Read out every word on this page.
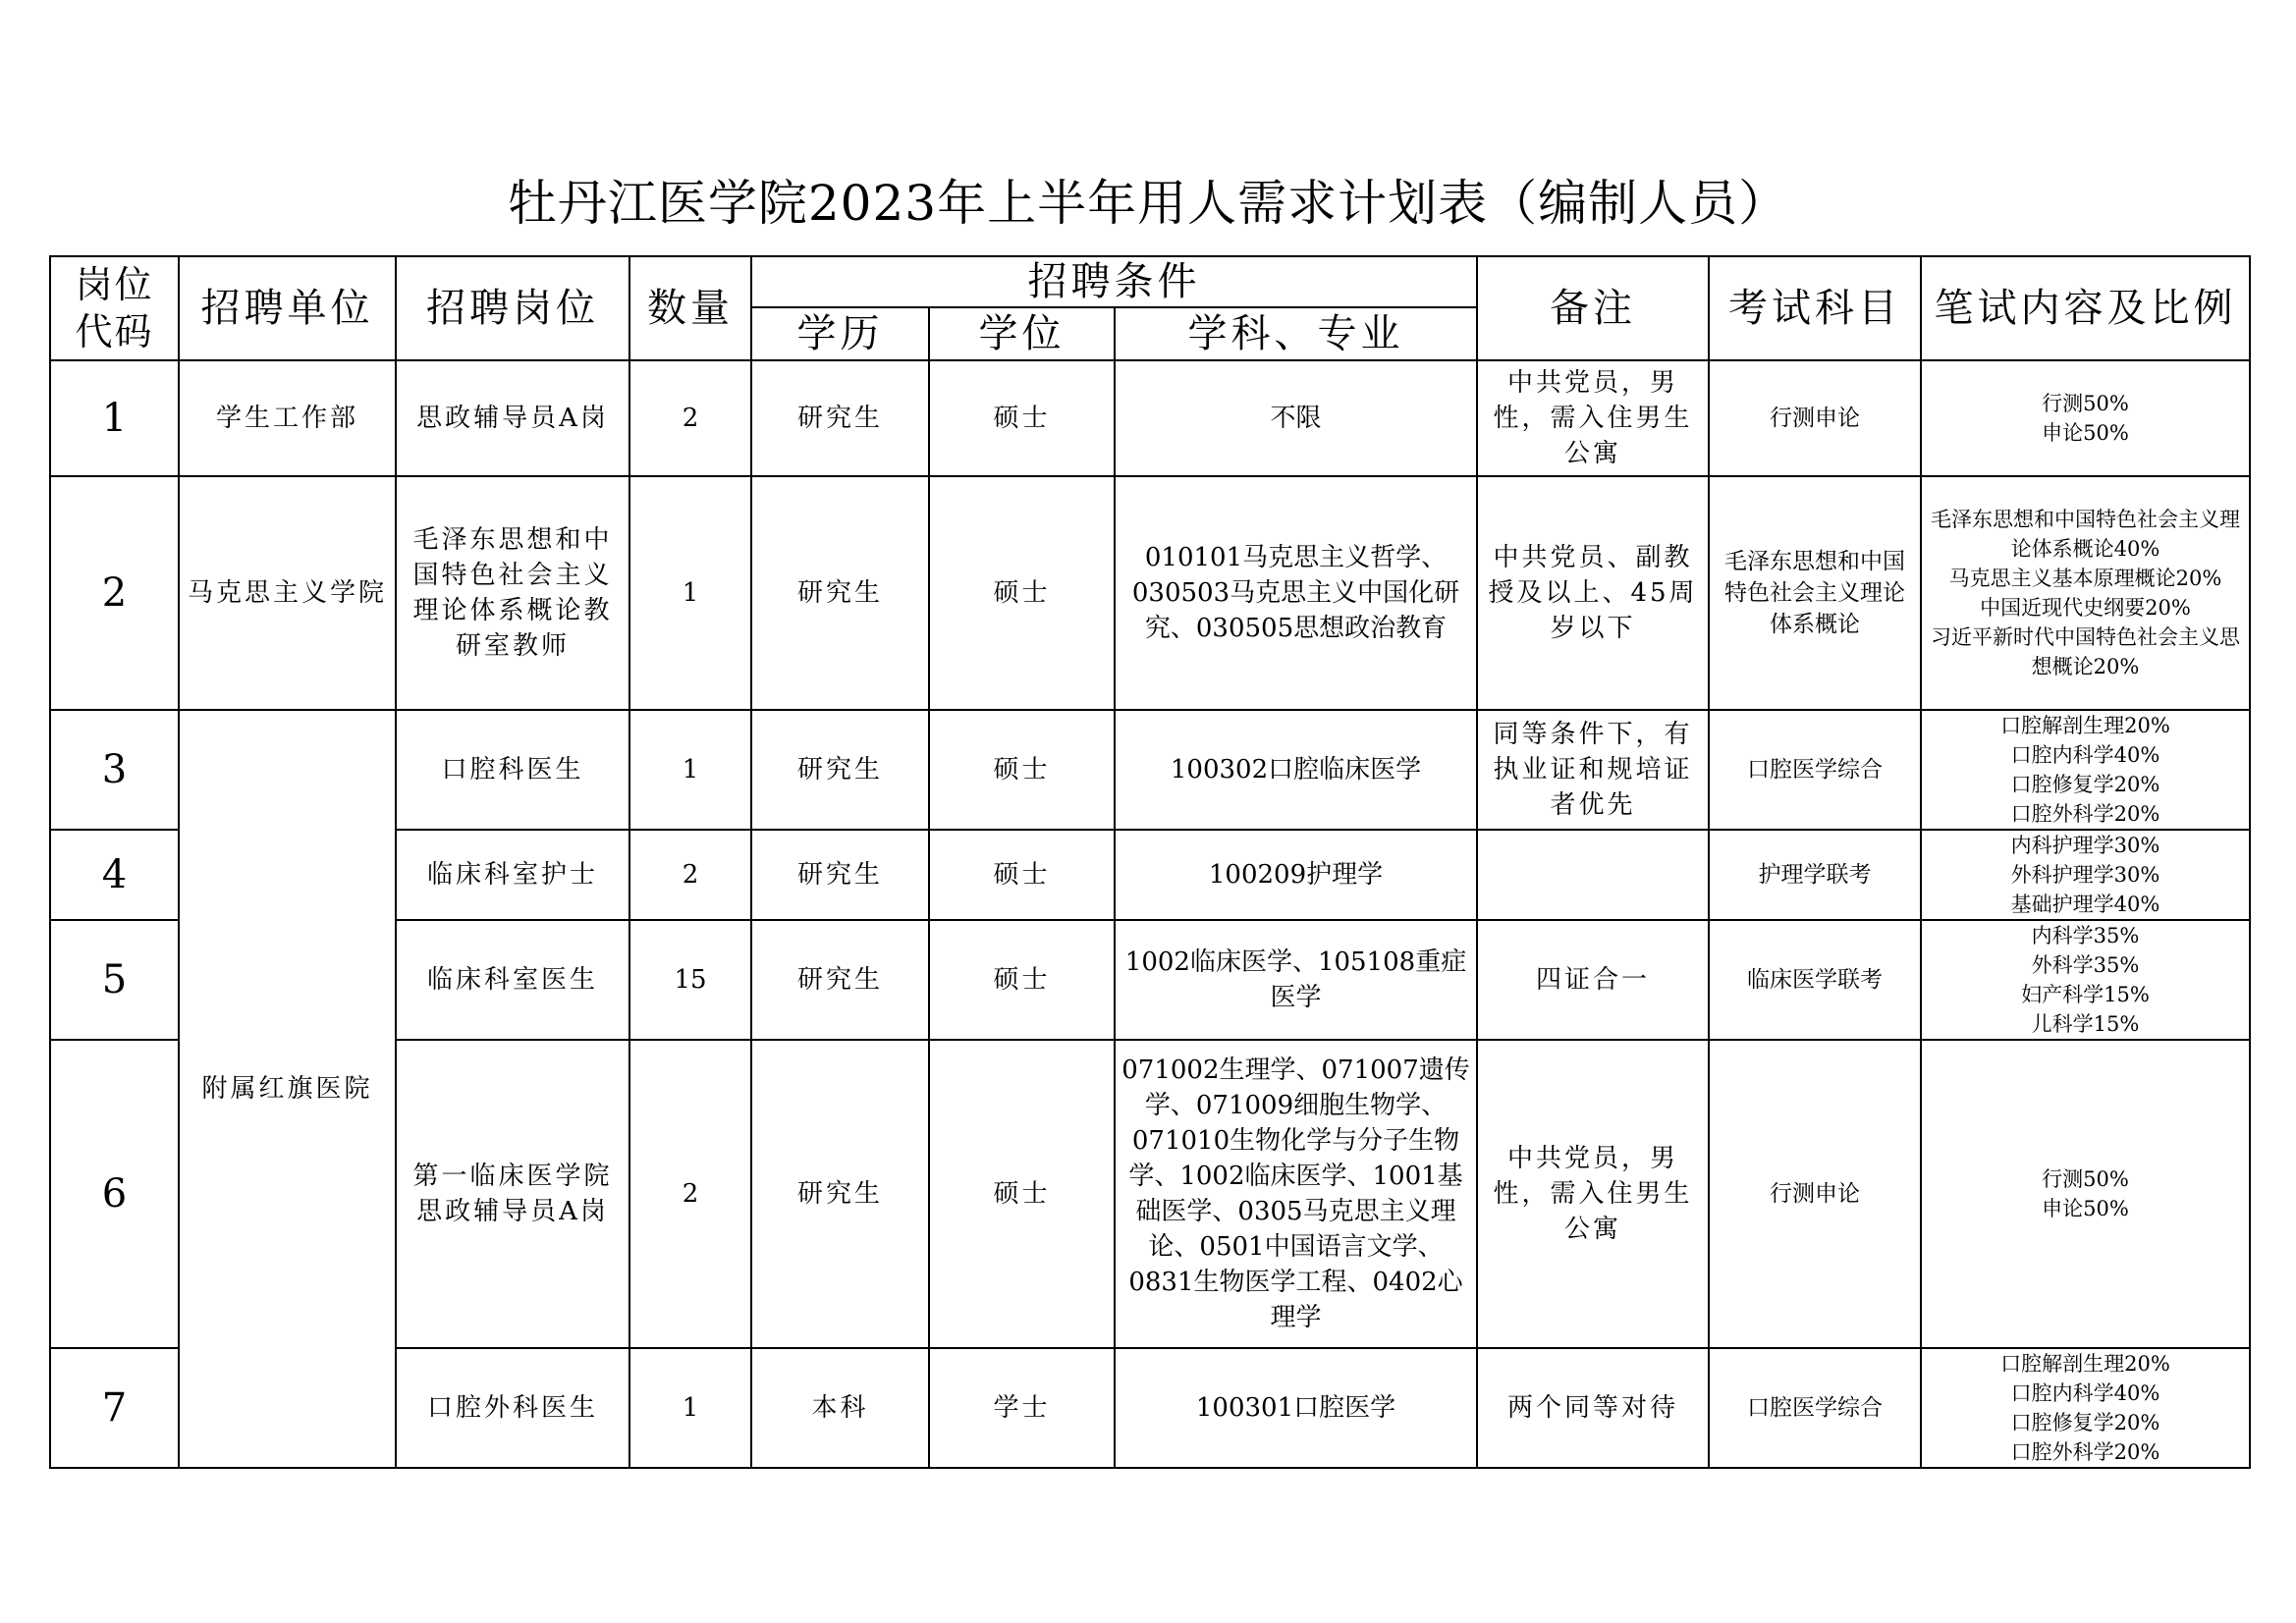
牡丹江医学院2023年上半年用人需求计划表（编制人员）
岗位
代码	招聘单位	招聘岗位	数量	招聘条件			备注	考试科目	笔试内容及比例
				学历	学位	学科、专业			
1	学生工作部	思政辅导员A岗	2	研究生	硕士	不限	中共党员，男性，需入住男生公寓	行测申论	行测50%
申论50%

2	马克思主义学院	毛泽东思想和中国特色社会主义理论体系概论教研室教师	1	研究生	硕士	010101马克思主义哲学、030503马克思主义中国化研究、030505思想政治教育	中共党员、副教授及以上、45周岁以下	毛泽东思想和中国特色社会主义理论体系概论	毛泽东思想和中国特色社会主义理论体系概论40%
马克思主义基本原理概论20%
中国近现代史纲要20%
习近平新时代中国特色社会主义思想概论20%

3	附属红旗医院	口腔科医生	1	研究生	硕士	100302口腔临床医学	同等条件下，有执业证和规培证者优先	口腔医学综合	口腔解剖生理20%
口腔内科学40%
口腔修复学20%
口腔外科学20%

4		临床科室护士	2	研究生	硕士	100209护理学		护理学联考	内科护理学30%
外科护理学30%
基础护理学40%

5		临床科室医生	15	研究生	硕士	1002临床医学、105108重症医学	四证合一	临床医学联考	内科学35%
外科学35%
妇产科学15%
儿科学15%

6		第一临床医学院思政辅导员A岗	2	研究生	硕士	071002生理学、071007遗传学、071009细胞生物学、071010生物化学与分子生物学、1002临床医学、1001基础医学、0305马克思主义理论、0501中国语言文学、0831生物医学工程、0402心理学	中共党员，男性，需入住男生公寓	行测申论	行测50%
申论50%

7		口腔外科医生	1	本科	学士	100301口腔医学	两个同等对待	口腔医学综合	口腔解剖生理20%
口腔内科学40%
口腔修复学20%
口腔外科学20%
